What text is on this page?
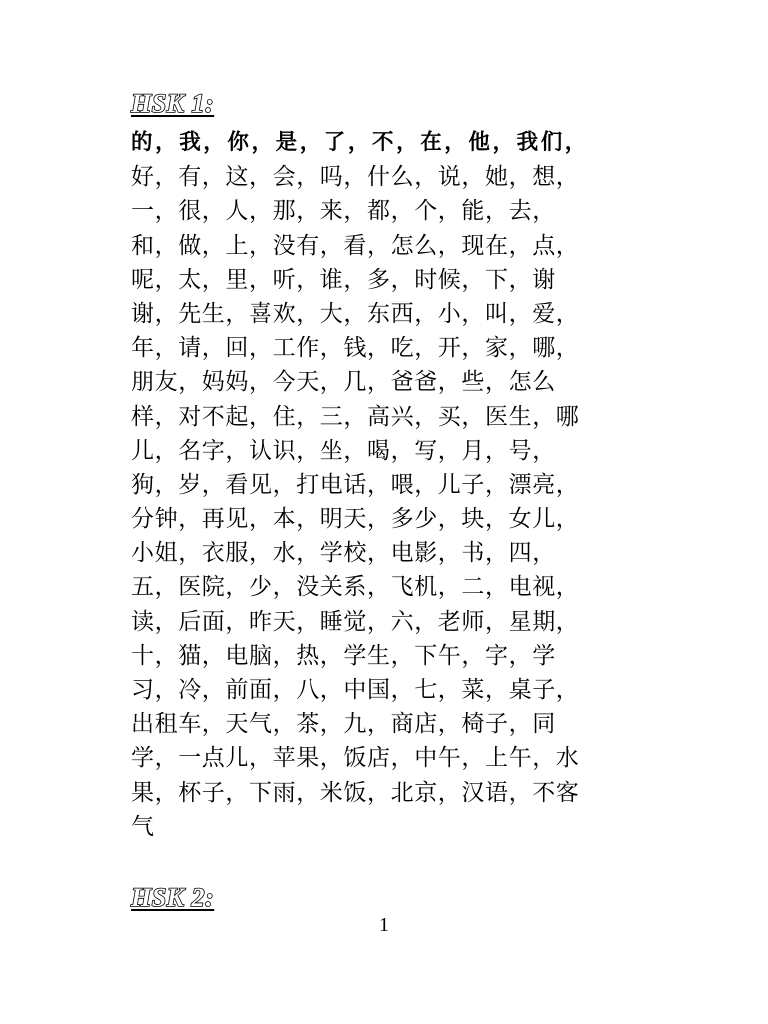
HSK 1:
的，我，你，是，了，不，在，他，我们，
好，有，这，会，吗，什么，说，她，想，
一，很，人，那，来，都，个，能，去，
和，做，上，没有，看，怎么，现在，点，
呢，太，里，听，谁，多，时候，下，谢
谢，先生，喜欢，大，东西，小，叫，爱，
年，请，回，工作，钱，吃，开，家，哪，
朋友，妈妈，今天，几，爸爸，些，怎么
样，对不起，住，三，高兴，买，医生，哪
儿，名字，认识，坐，喝，写，月，号，
狗，岁，看见，打电话，喂，儿子，漂亮，
分钟，再见，本，明天，多少，块，女儿，
小姐，衣服，水，学校，电影，书，四，
五，医院，少，没关系，飞机，二，电视，
读，后面，昨天，睡觉，六，老师，星期，
十，猫，电脑，热，学生，下午，字，学
习，冷，前面，八，中国，七，菜，桌子，
出租车，天气，茶，九，商店，椅子，同
学，一点儿，苹果，饭店，中午，上午，水
果，杯子，下雨，米饭，北京，汉语，不客
气
HSK 2:
1
